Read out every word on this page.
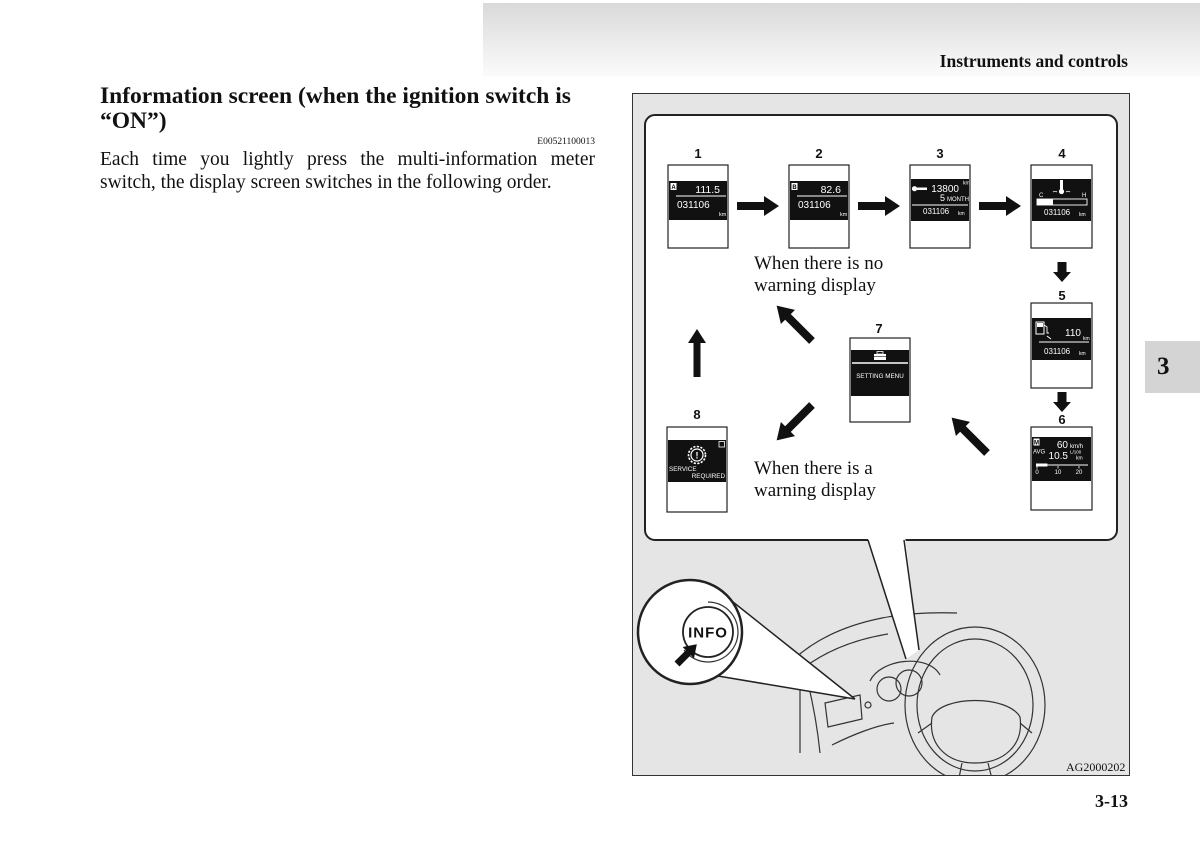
Instruments and controls
Information screen (when the ignition switch is
“ON”)
E00521100013

Each time you lightly press the multi-information meter
switch, the display screen switches in the following order.

1	2	3	4
5
6
7
8
A 111.5
031106
km
B 82.6
031106
km
km
13800
5 MONTH
031106 km
C	H
031106 km
110 km
031106 km
M 60 km/h
AVG 10.5 L/100
km
0	10 20
SETTING MENU
!
SERVICE
REQUIRED
When there is no
warning display
When there is a
warning display
INFO
AG2000202
3
3-13
